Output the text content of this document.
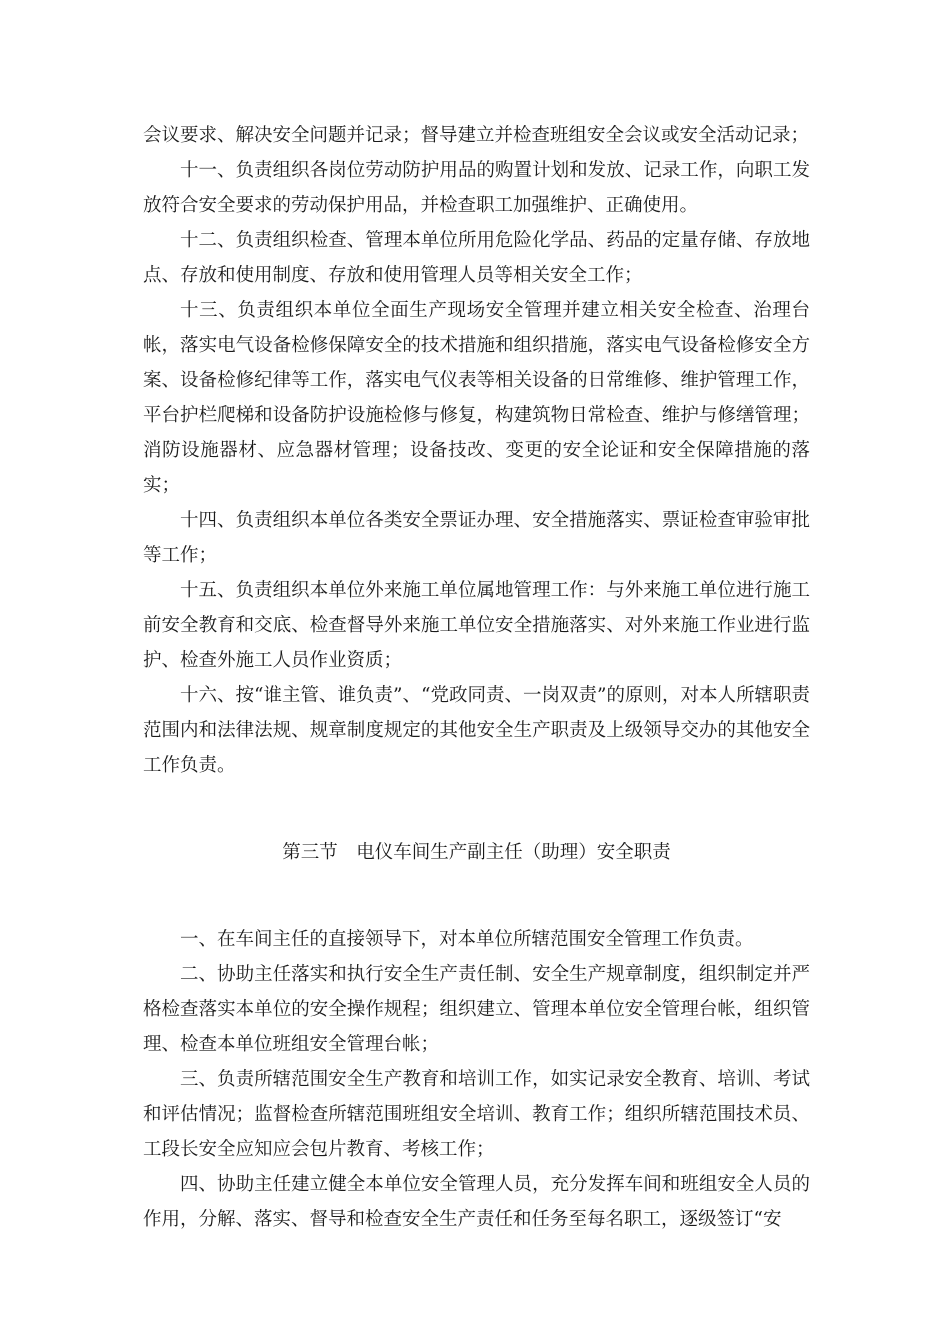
会议要求、解决安全问题并记录；督导建立并检查班组安全会议或安全活动记录；

十一、负责组织各岗位劳动防护用品的购置计划和发放、记录工作，向职工发放符合安全要求的劳动保护用品，并检查职工加强维护、正确使用。

十二、负责组织检查、管理本单位所用危险化学品、药品的定量存储、存放地点、存放和使用制度、存放和使用管理人员等相关安全工作；

十三、负责组织本单位全面生产现场安全管理并建立相关安全检查、治理台帐，落实电气设备检修保障安全的技术措施和组织措施，落实电气设备检修安全方案、设备检修纪律等工作，落实电气仪表等相关设备的日常维修、维护管理工作，平台护栏爬梯和设备防护设施检修与修复，构建筑物日常检查、维护与修缮管理；消防设施器材、应急器材管理；设备技改、变更的安全论证和安全保障措施的落实；

十四、负责组织本单位各类安全票证办理、安全措施落实、票证检查审验审批等工作；

十五、负责组织本单位外来施工单位属地管理工作：与外来施工单位进行施工前安全教育和交底、检查督导外来施工单位安全措施落实、对外来施工作业进行监护、检查外施工人员作业资质；

十六、按“谁主管、谁负责”、“党政同责、一岗双责”的原则，对本人所辖职责范围内和法律法规、规章制度规定的其他安全生产职责及上级领导交办的其他安全工作负责。

第三节　电仪车间生产副主任（助理）安全职责

一、在车间主任的直接领导下，对本单位所辖范围安全管理工作负责。

二、协助主任落实和执行安全生产责任制、安全生产规章制度，组织制定并严格检查落实本单位的安全操作规程；组织建立、管理本单位安全管理台帐，组织管理、检查本单位班组安全管理台帐；

三、负责所辖范围安全生产教育和培训工作，如实记录安全教育、培训、考试和评估情况；监督检查所辖范围班组安全培训、教育工作；组织所辖范围技术员、工段长安全应知应会包片教育、考核工作；

四、协助主任建立健全本单位安全管理人员，充分发挥车间和班组安全人员的作用，分解、落实、督导和检查安全生产责任和任务至每名职工，逐级签订“安
